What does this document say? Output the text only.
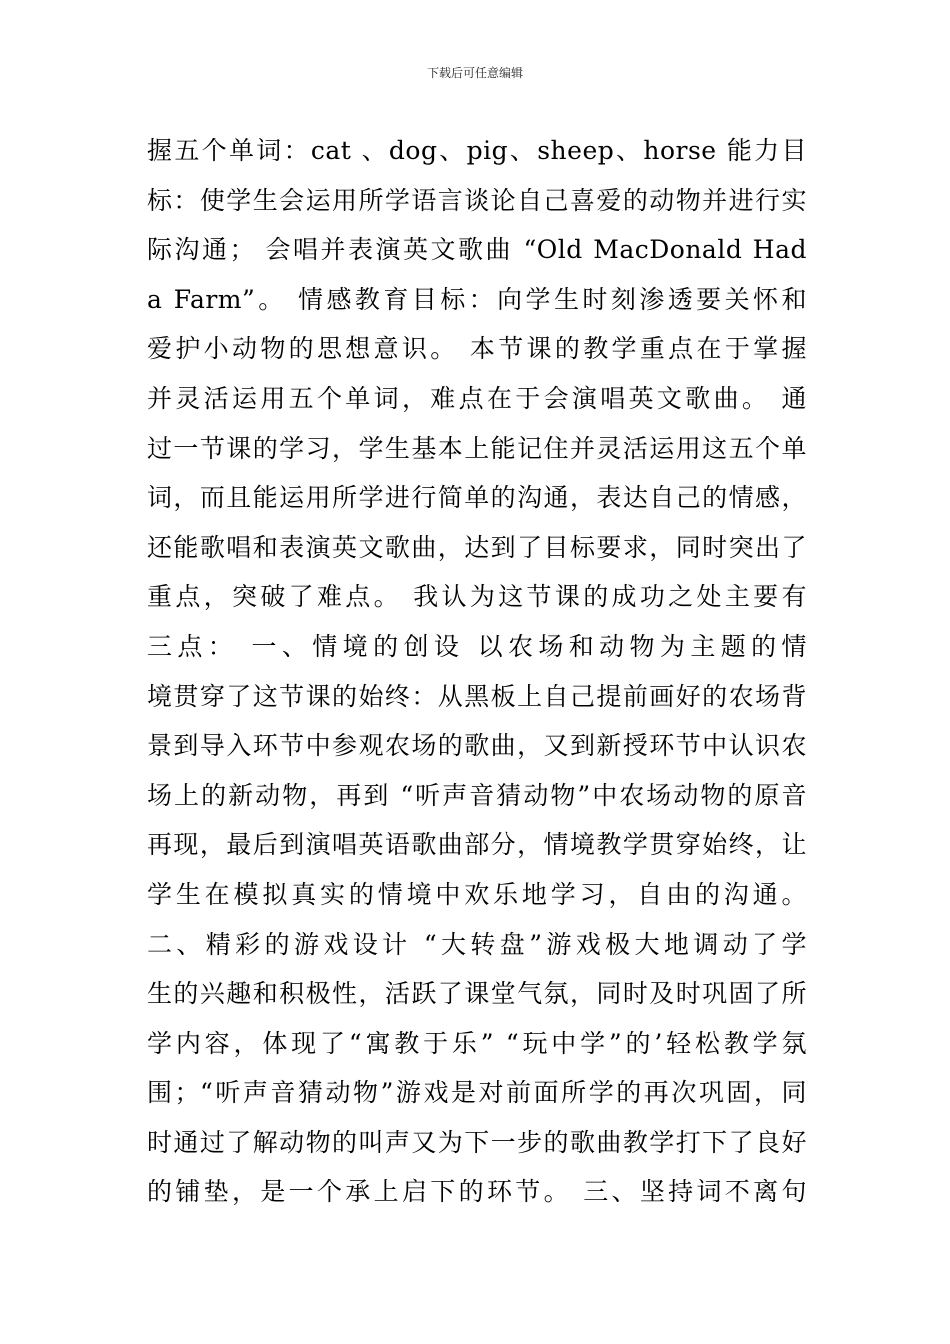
下载后可任意编辑
握五个单词：cat 、dog、pig、sheep、horse 能力目
标：使学生会运用所学语言谈论自己喜爱的动物并进行实
际沟通； 会唱并表演英文歌曲 “Old MacDonald Had
a Farm”。 情感教育目标：向学生时刻渗透要关怀和
爱护小动物的思想意识。 本节课的教学重点在于掌握
并灵活运用五个单词，难点在于会演唱英文歌曲。 通
过一节课的学习，学生基本上能记住并灵活运用这五个单
词，而且能运用所学进行简单的沟通，表达自己的情感，
还能歌唱和表演英文歌曲，达到了目标要求，同时突出了
重点，突破了难点。 我认为这节课的成功之处主要有
三点： 一、情境的创设 以农场和动物为主题的情
境贯穿了这节课的始终：从黑板上自己提前画好的农场背
景到导入环节中参观农场的歌曲，又到新授环节中认识农
场上的新动物，再到 “听声音猜动物”中农场动物的原音
再现，最后到演唱英语歌曲部分，情境教学贯穿始终，让
学生在模拟真实的情境中欢乐地学习，自由的沟通。
二、精彩的游戏设计 “大转盘”游戏极大地调动了学
生的兴趣和积极性，活跃了课堂气氛，同时及时巩固了所
学内容，体现了“寓教于乐” “玩中学”的’轻松教学氛
围；“听声音猜动物”游戏是对前面所学的再次巩固，同
时通过了解动物的叫声又为下一步的歌曲教学打下了良好
的铺垫，是一个承上启下的环节。 三、坚持词不离句
